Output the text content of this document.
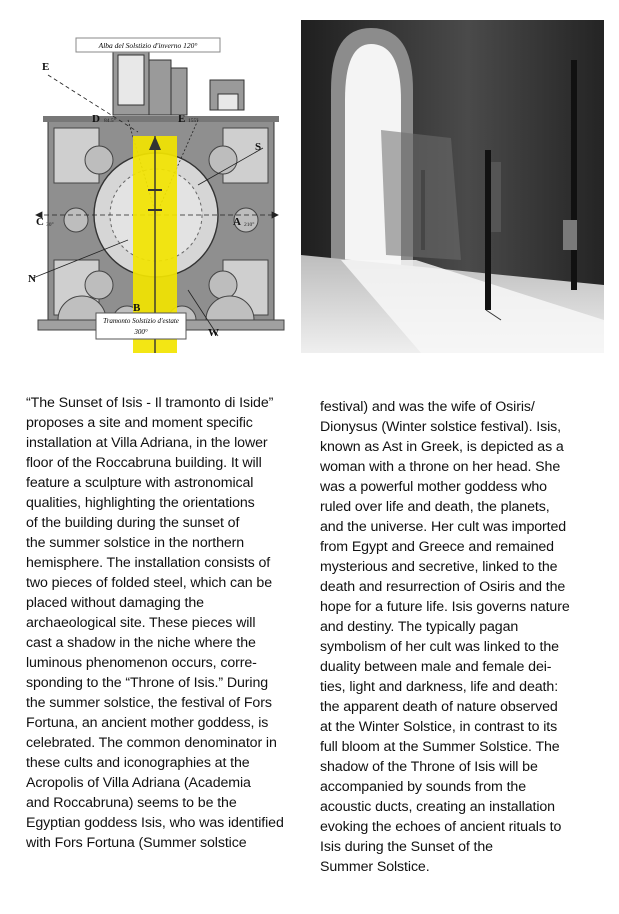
Alba del Solstizio d'inverno 120°
Tramonto Solstizio d'estate
300°
E
D	E
S
C	A
N
B
W
84.5°	155°
30°	210°

“The Sunset of Isis - Il tramonto di Iside”
proposes a site and moment specific
installation at Villa Adriana, in the lower
floor of the Roccabruna building. It will
feature a sculpture with astronomical
qualities, highlighting the orientations
of the building during the sunset of
the summer solstice in the northern
hemisphere. The installation consists of
two pieces of folded steel, which can be
placed without damaging the
archaeological site. These pieces will
cast a shadow in the niche where the
luminous phenomenon occurs, corre-
sponding to the “Throne of Isis.” During
the summer solstice, the festival of Fors
Fortuna, an ancient mother goddess, is
celebrated. The common denominator in
these cults and iconographies at the
Acropolis of Villa Adriana (Academia
and Roccabruna) seems to be the
Egyptian goddess Isis, who was identified
with Fors Fortuna (Summer solstice

festival) and was the wife of Osiris/
Dionysus (Winter solstice festival). Isis,
known as Ast in Greek, is depicted as a
woman with a throne on her head. She
was a powerful mother goddess who
ruled over life and death, the planets,
and the universe. Her cult was imported
from Egypt and Greece and remained
mysterious and secretive, linked to the
death and resurrection of Osiris and the
hope for a future life. Isis governs nature
and destiny. The typically pagan
symbolism of her cult was linked to the
duality between male and female dei-
ties, light and darkness, life and death:
the apparent death of nature observed
at the Winter Solstice, in contrast to its
full bloom at the Summer Solstice. The
shadow of the Throne of Isis will be
accompanied by sounds from the
acoustic ducts, creating an installation
evoking the echoes of ancient rituals to
Isis during the Sunset of the
Summer Solstice.
